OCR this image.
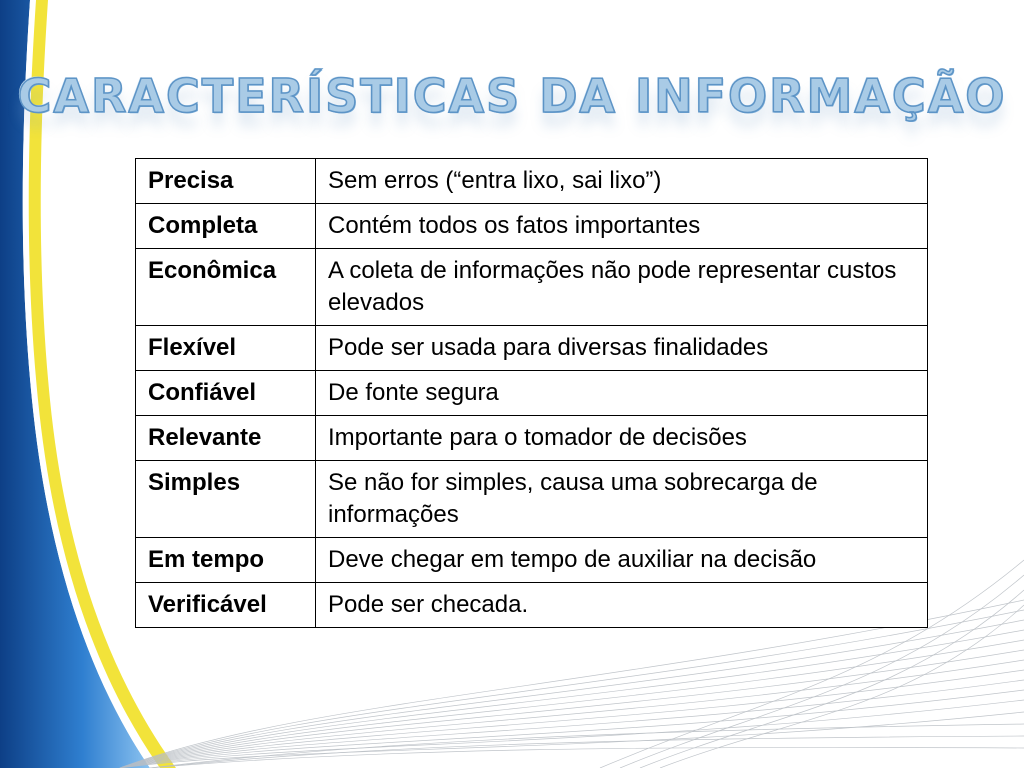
CARACTERÍSTICAS DA INFORMAÇÃO
Precisa	Sem erros (“entra lixo, sai lixo”)
Completa	Contém todos os fatos importantes
Econômica	A coleta de informações não pode representar custos elevados
Flexível	Pode ser usada para diversas finalidades
Confiável	De fonte segura
Relevante	Importante para o tomador de decisões
Simples	Se não for simples, causa uma sobrecarga de informações
Em tempo	Deve chegar em tempo de auxiliar na decisão
Verificável	Pode ser checada.
